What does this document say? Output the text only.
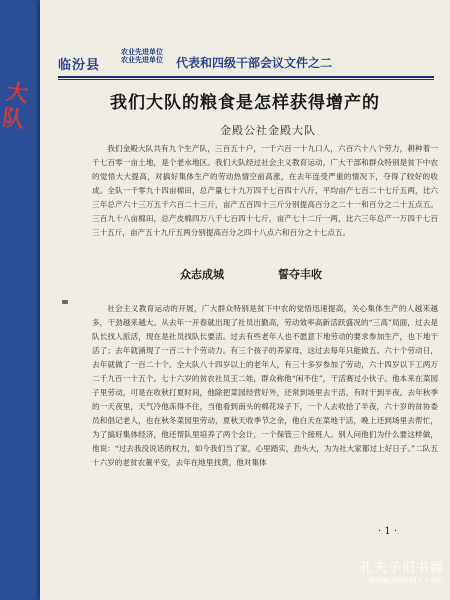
临汾县
农业先进单位
农业先进单位 代表和四级干部会议文件之二
我们大队的粮食是怎样获得增产的
金殿公社金殿大队

我们金殿大队共有九个生产队，三百五十户，一千六百一十九口人，六百六十八个劳力，耕种着一千七百零一亩土地，是个老水地区。我们大队经过社会主义教育运动，广大干部和群众特别是贫下中农的觉悟大大提高，对搞好集体生产的劳动热情空前高涨，在去年连受严重的情况下，夺得了较好的收成。全队一千零九十四亩棉田，总产量七十九万四千七百四十八斤，平均亩产七百二十七斤五两，比六三年总产六十三万五千六百二十三斤，亩产五百四十三斤分别提高百分之二十一和百分之二十五点五。三百九十八亩棉田，总产皮棉四万八千七百四十七斤，亩产七十二斤一两，比六三年总产一万四千七百三十五斤，亩产五十九斤五两分别提高百分之四十八点六和百分之十七点五。

众志成城	誓夺丰收

社会主义教育运动的开展，广大群众特别是贫下中农的觉悟迅速提高，关心集体生产的人越来越多，干劲越来越大。从去年一开春就出现了社员出勤高，劳动效率高新活跃盛况的“三高”局面，过去是队长找人派活，现在是社员找队长要活。过去有些老年人也不愿意下地劳动的要求参加生产，也下地干活了；去年就涌现了一百二十个劳动力。有三个孩子的养家母，这过去每年只能做五、六十个劳动日，去年就做了一百二十个。全大队八十四岁以上的老年人，有三十多岁参加了劳动，六十四岁以下工两万二千九百一十五个。七十六岁的贫农社员王二娃，群众称他“闲不住”，干活赛过小伙子。他本来在菜园子里劳动，可是在收秋打夏时间，他除把菜园经营好外，还常到场里去干活，有时干到半夜。去年秋季的一天夜里，天气冷他冻得不住，当他看到南头的棉花垛子下，一个人去收拾了半夜，六十岁的贫协委员和倡记老人，也在秋冬菜园里劳动，夏秋天收季节之余，他白天在菜地干活，晚上还到场里去帮忙，为了搞好集体经济，他还帮队里培养了两个会计，一个保管三个接班人。别人问他们为什么要这样做，他说：“过去我没说话的权力，如今我们当了家，心里踏实，劲头大，为为社大家都过上好日子。”二队五十六岁的老贫农董平安，去年在地里找黄，他对集体

· 1 ·
大队
孔夫子旧书网
www.kongfz.com
